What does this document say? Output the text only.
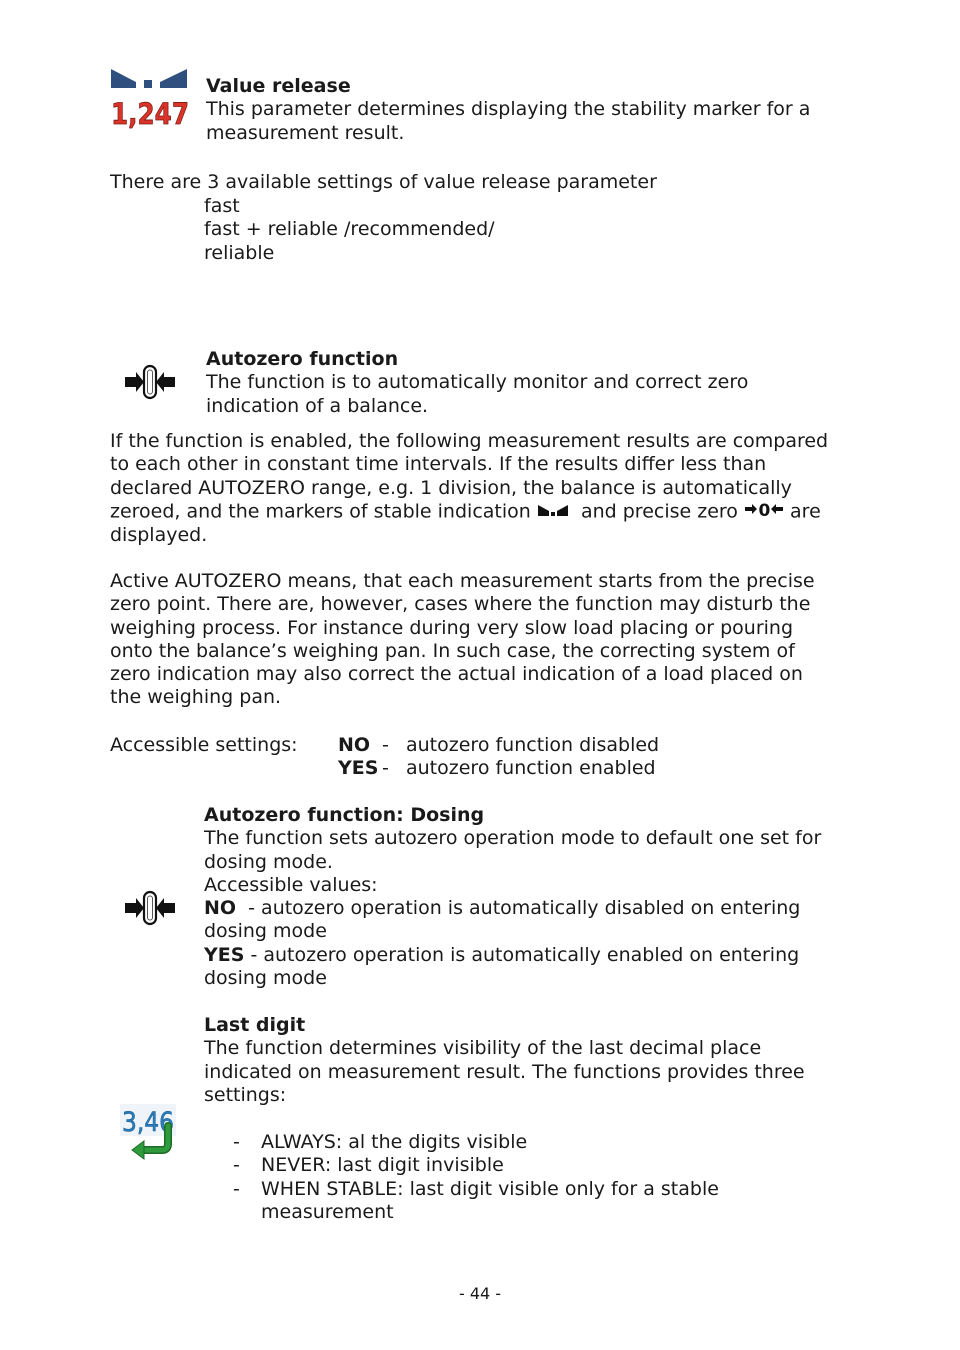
1,247

Value release

This parameter determines displaying the stability marker for a measurement result.

There are 3 available settings of value release parameter

fast

fast + reliable /recommended/

reliable

Autozero function

The function is to automatically monitor and correct zero indication of a balance.

If the function is enabled, the following measurement results are compared to each other in constant time intervals. If the results differ less than declared AUTOZERO range, e.g. 1 division, the balance is automatically zeroed, and the markers of stable indication	and precise zero 0 are displayed.

Active AUTOZERO means, that each measurement starts from the precise zero point. There are, however, cases where the function may disturb the weighing process. For instance during very slow load placing or pouring onto the balance’s weighing pan. In such case, the correcting system of zero indication may also correct the actual indication of a load placed on the weighing pan.

Accessible settings: NO - autozero function disabled
YES - autozero function enabled

Autozero function: Dosing

The function sets autozero operation mode to default one set for dosing mode.

Accessible values:

NO - autozero operation is automatically disabled on entering dosing mode

YES - autozero operation is automatically enabled on entering dosing mode

3,46

Last digit

The function determines visibility of the last decimal place indicated on measurement result. The functions provides three settings:

- ALWAYS: al the digits visible
- NEVER: last digit invisible
- WHEN STABLE: last digit visible only for a stable measurement
- 44 -
